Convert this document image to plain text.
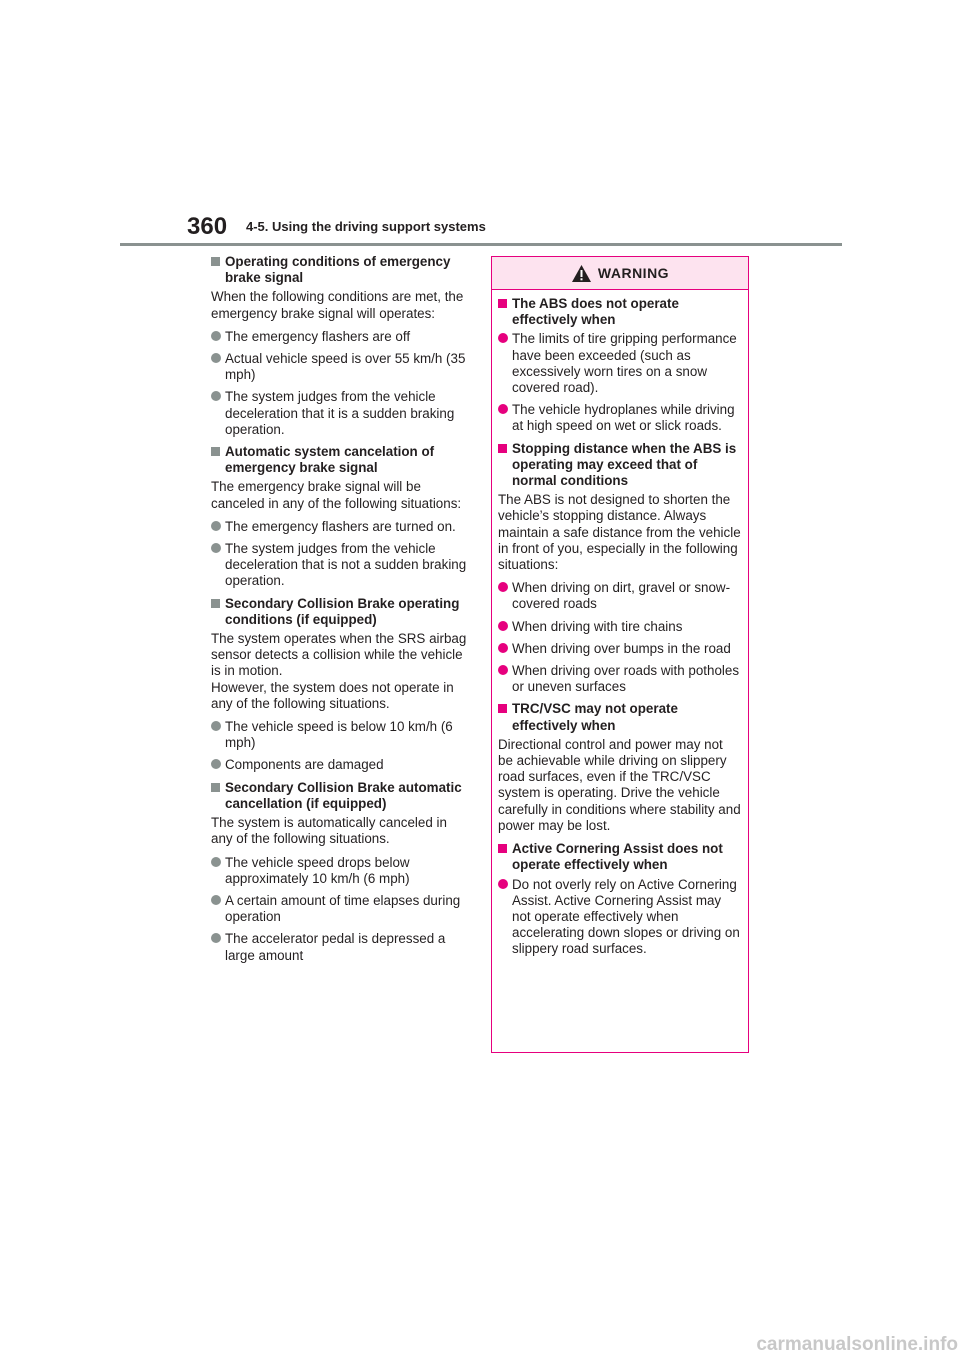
360 4-5. Using the driving support systems
Operating conditions of emergency brake signal
When the following conditions are met, the emergency brake signal will operates:
The emergency flashers are off
Actual vehicle speed is over 55 km/h (35 mph)
The system judges from the vehicle deceleration that it is a sudden braking operation.
Automatic system cancelation of emergency brake signal
The emergency brake signal will be canceled in any of the following situations:
The emergency flashers are turned on.
The system judges from the vehicle deceleration that is not a sudden braking operation.
Secondary Collision Brake operating conditions (if equipped)
The system operates when the SRS airbag sensor detects a collision while the vehicle is in motion.
However, the system does not operate in any of the following situations.
The vehicle speed is below 10 km/h (6 mph)
Components are damaged
Secondary Collision Brake automatic cancellation (if equipped)
The system is automatically canceled in any of the following situations.
The vehicle speed drops below approximately 10 km/h (6 mph)
A certain amount of time elapses during operation
The accelerator pedal is depressed a large amount
WARNING
The ABS does not operate effectively when
The limits of tire gripping performance have been exceeded (such as excessively worn tires on a snow covered road).
The vehicle hydroplanes while driving at high speed on wet or slick roads.
Stopping distance when the ABS is operating may exceed that of normal conditions
The ABS is not designed to shorten the vehicle’s stopping distance. Always maintain a safe distance from the vehicle in front of you, especially in the following situations:
When driving on dirt, gravel or snow-covered roads
When driving with tire chains
When driving over bumps in the road
When driving over roads with potholes or uneven surfaces
TRC/VSC may not operate effectively when
Directional control and power may not be achievable while driving on slippery road surfaces, even if the TRC/VSC system is operating. Drive the vehicle carefully in conditions where stability and power may be lost.
Active Cornering Assist does not operate effectively when
Do not overly rely on Active Cornering Assist. Active Cornering Assist may not operate effectively when accelerating down slopes or driving on slippery road surfaces.
carmanualsonline.info
